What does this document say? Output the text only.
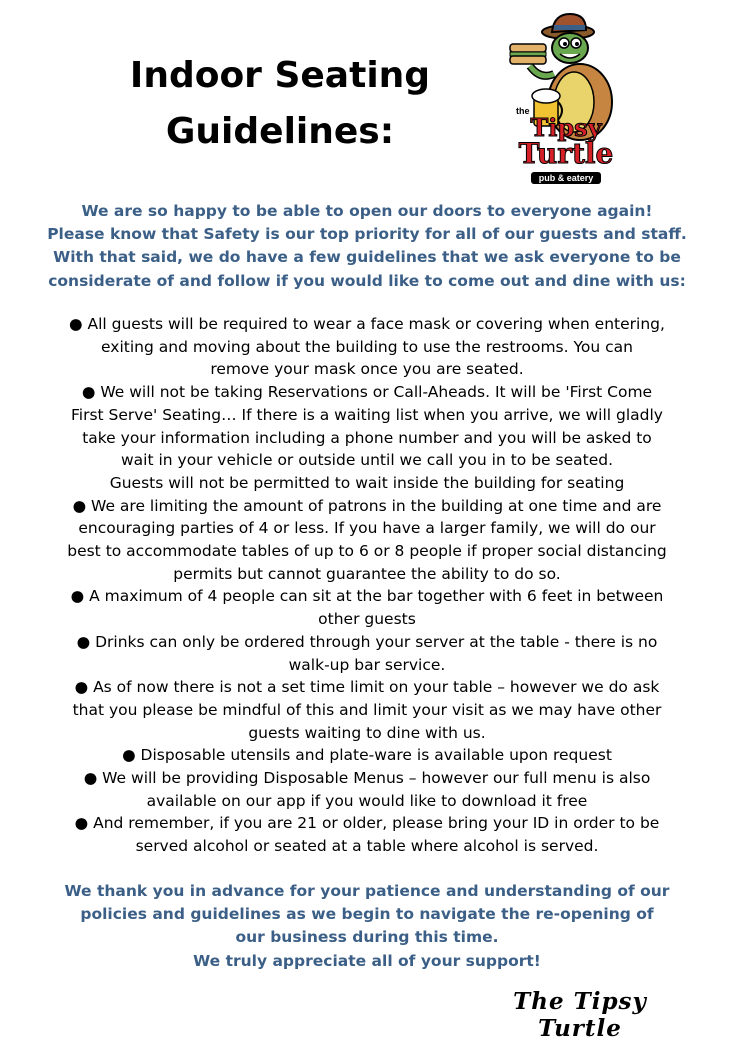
Indoor Seating
Guidelines:	the
Tipsy
Turtle
pub & eatery
We are so happy to be able to open our doors to everyone again!
Please know that Safety is our top priority for all of our guests and staff.
With that said, we do have a few guidelines that we ask everyone to be
considerate of and follow if you would like to come out and dine with us:
● All guests will be required to wear a face mask or covering when entering,
exiting and moving about the building to use the restrooms. You can
remove your mask once you are seated.
● We will not be taking Reservations or Call-Aheads. It will be 'First Come
First Serve' Seating… If there is a waiting list when you arrive, we will gladly
take your information including a phone number and you will be asked to
wait in your vehicle or outside until we call you in to be seated.
Guests will not be permitted to wait inside the building for seating
● We are limiting the amount of patrons in the building at one time and are
encouraging parties of 4 or less. If you have a larger family, we will do our
best to accommodate tables of up to 6 or 8 people if proper social distancing
permits but cannot guarantee the ability to do so.
● A maximum of 4 people can sit at the bar together with 6 feet in between
other guests
● Drinks can only be ordered through your server at the table - there is no
walk-up bar service.
● As of now there is not a set time limit on your table – however we do ask
that you please be mindful of this and limit your visit as we may have other
guests waiting to dine with us.
● Disposable utensils and plate-ware is available upon request
● We will be providing Disposable Menus – however our full menu is also
available on our app if you would like to download it free
● And remember, if you are 21 or older, please bring your ID in order to be
served alcohol or seated at a table where alcohol is served.
We thank you in advance for your patience and understanding of our
policies and guidelines as we begin to navigate the re-opening of
our business during this time.
We truly appreciate all of your support!
The Tipsy Turtle
